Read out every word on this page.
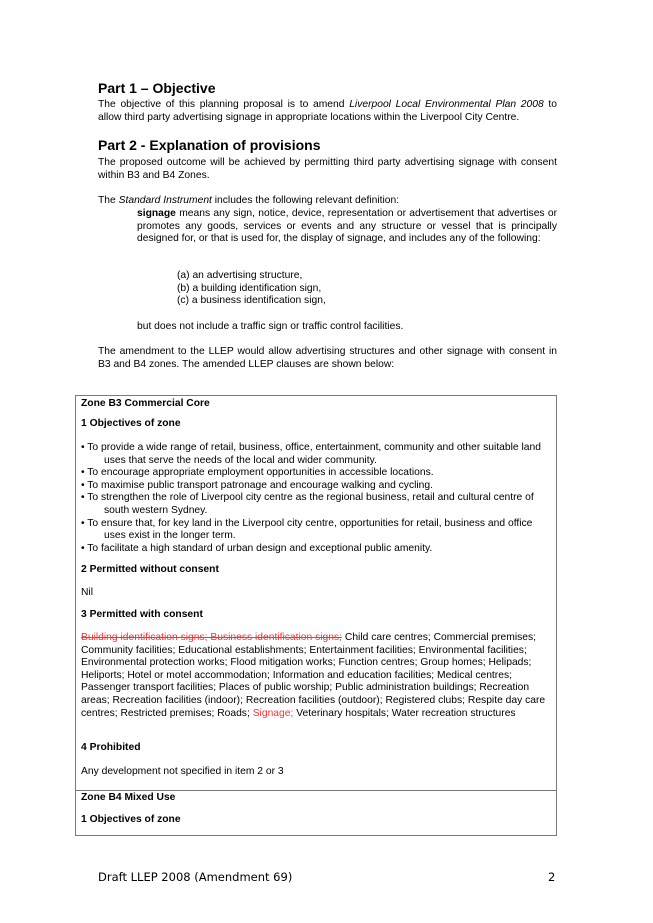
Part 1 – Objective

The objective of this planning proposal is to amend Liverpool Local Environmental Plan 2008 to allow third party advertising signage in appropriate locations within the Liverpool City Centre.

Part 2 - Explanation of provisions

The proposed outcome will be achieved by permitting third party advertising signage with consent within B3 and B4 Zones.

The Standard Instrument includes the following relevant definition:

signage means any sign, notice, device, representation or advertisement that advertises or promotes any goods, services or events and any structure or vessel that is principally designed for, or that is used for, the display of signage, and includes any of the following:
(a) an advertising structure,
(b) a building identification sign,
(c) a business identification sign,
but does not include a traffic sign or traffic control facilities.

The amendment to the LLEP would allow advertising structures and other signage with consent in B3 and B4 zones. The amended LLEP clauses are shown below:

Zone B3 Commercial Core
1 Objectives of zone
• To provide a wide range of retail, business, office, entertainment, community and other suitable land uses that serve the needs of the local and wider community.
• To encourage appropriate employment opportunities in accessible locations.
• To maximise public transport patronage and encourage walking and cycling.
• To strengthen the role of Liverpool city centre as the regional business, retail and cultural centre of south western Sydney.
• To ensure that, for key land in the Liverpool city centre, opportunities for retail, business and office uses exist in the longer term.
• To facilitate a high standard of urban design and exceptional public amenity.
2 Permitted without consent
Nil
3 Permitted with consent
Building identification signs; Business identification signs; Child care centres; Commercial premises; Community facilities; Educational establishments; Entertainment facilities; Environmental facilities; Environmental protection works; Flood mitigation works; Function centres; Group homes; Helipads; Heliports; Hotel or motel accommodation; Information and education facilities; Medical centres; Passenger transport facilities; Places of public worship; Public administration buildings; Recreation areas; Recreation facilities (indoor); Recreation facilities (outdoor); Registered clubs; Respite day care centres; Restricted premises; Roads; Signage; Veterinary hospitals; Water recreation structures
4 Prohibited
Any development not specified in item 2 or 3
Zone B4 Mixed Use
1 Objectives of zone
Draft LLEP 2008 (Amendment 69)	2
